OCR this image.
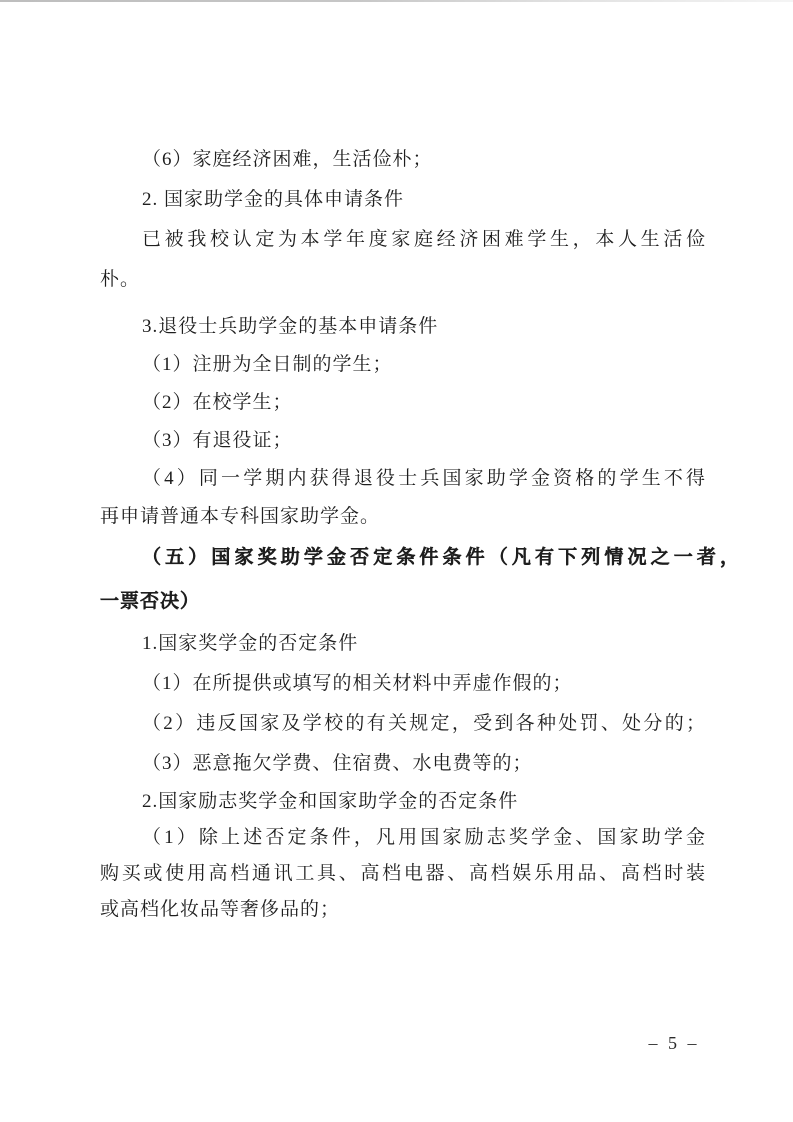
（6）家庭经济困难，生活俭朴；

2. 国家助学金的具体申请条件

已被我校认定为本学年度家庭经济困难学生，本人生活俭
朴。

3.退役士兵助学金的基本申请条件

（1）注册为全日制的学生；

（2）在校学生；

（3）有退役证；

（4）同一学期内获得退役士兵国家助学金资格的学生不得
再申请普通本专科国家助学金。

（五）国家奖助学金否定条件条件（凡有下列情况之一者，
一票否决）

1.国家奖学金的否定条件

（1）在所提供或填写的相关材料中弄虚作假的；

（2）违反国家及学校的有关规定，受到各种处罚、处分的；

（3）恶意拖欠学费、住宿费、水电费等的；

2.国家励志奖学金和国家助学金的否定条件

（1）除上述否定条件，凡用国家励志奖学金、国家助学金
购买或使用高档通讯工具、高档电器、高档娱乐用品、高档时装
或高档化妆品等奢侈品的；

– 5 –
